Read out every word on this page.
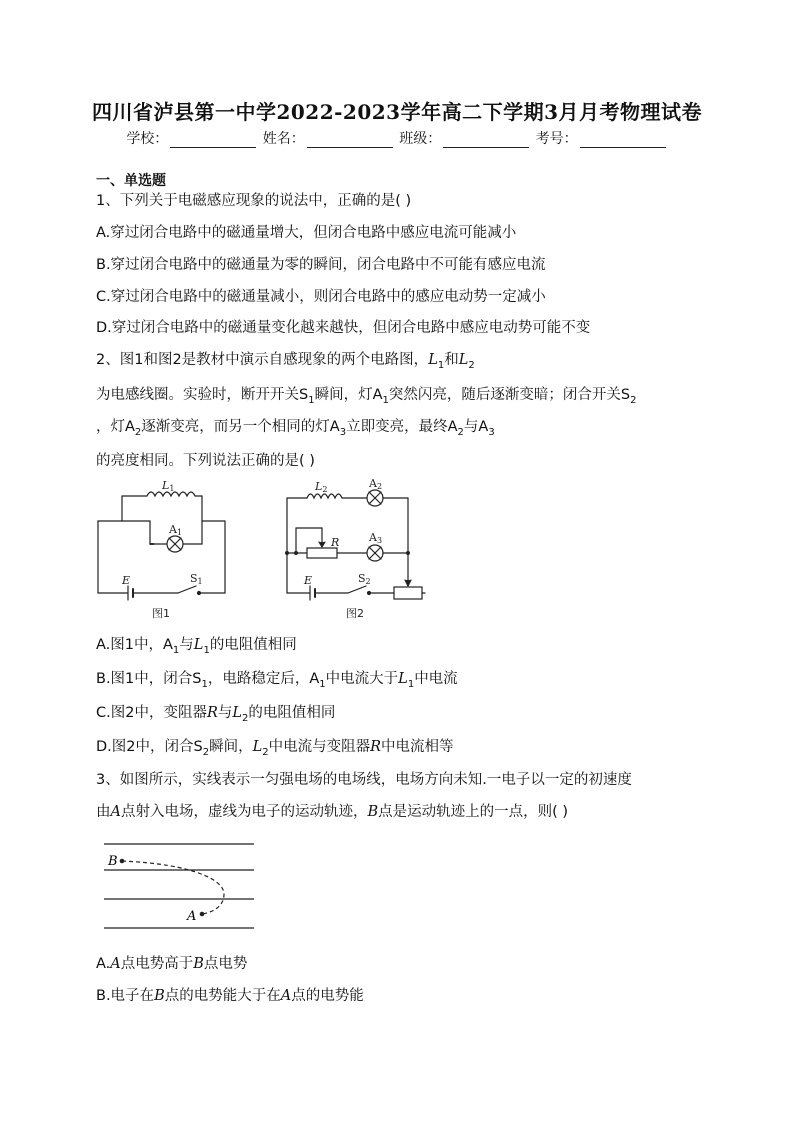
四川省泸县第一中学2022-2023学年高二下学期3月月考物理试卷
学校：	姓名：	班级：	考号：
一、单选题
1、下列关于电磁感应现象的说法中，正确的是( )
A.穿过闭合电路中的磁通量增大，但闭合电路中感应电流可能减小
B.穿过闭合电路中的磁通量为零的瞬间，闭合电路中不可能有感应电流
C.穿过闭合电路中的磁通量减小，则闭合电路中的感应电动势一定减小
D.穿过闭合电路中的磁通量变化越来越快，但闭合电路中感应电动势可能不变
2、图1和图2是教材中演示自感现象的两个电路图，$L_1$和$L_2$
为电感线圈。实验时，断开开关$S_1$瞬间，灯$A_1$突然闪亮，随后逐渐变暗；闭合开关$S_2$
，灯$A_2$逐渐变亮，而另一个相同的灯$A_3$立即变亮，最终$A_2$与$A_3$
的亮度相同。下列说法正确的是( )
L1
A1
E	S1
图1
L2	A2
R	A3
E	S2
图2
A.图1中，$A_1$与$L_1$的电阻值相同
B.图1中，闭合$S_1$，电路稳定后，$A_1$中电流大于$L_1$中电流
C.图2中，变阻器R与$L_2$的电阻值相同
D.图2中，闭合$S_2$瞬间，$L_2$中电流与变阻器R中电流相等
3、如图所示，实线表示一匀强电场的电场线，电场方向未知.一电子以一定的初速度
由A点射入电场，虚线为电子的运动轨迹，B点是运动轨迹上的一点，则( )
B
A
A.A点电势高于B点电势
B.电子在B点的电势能大于在A点的电势能
